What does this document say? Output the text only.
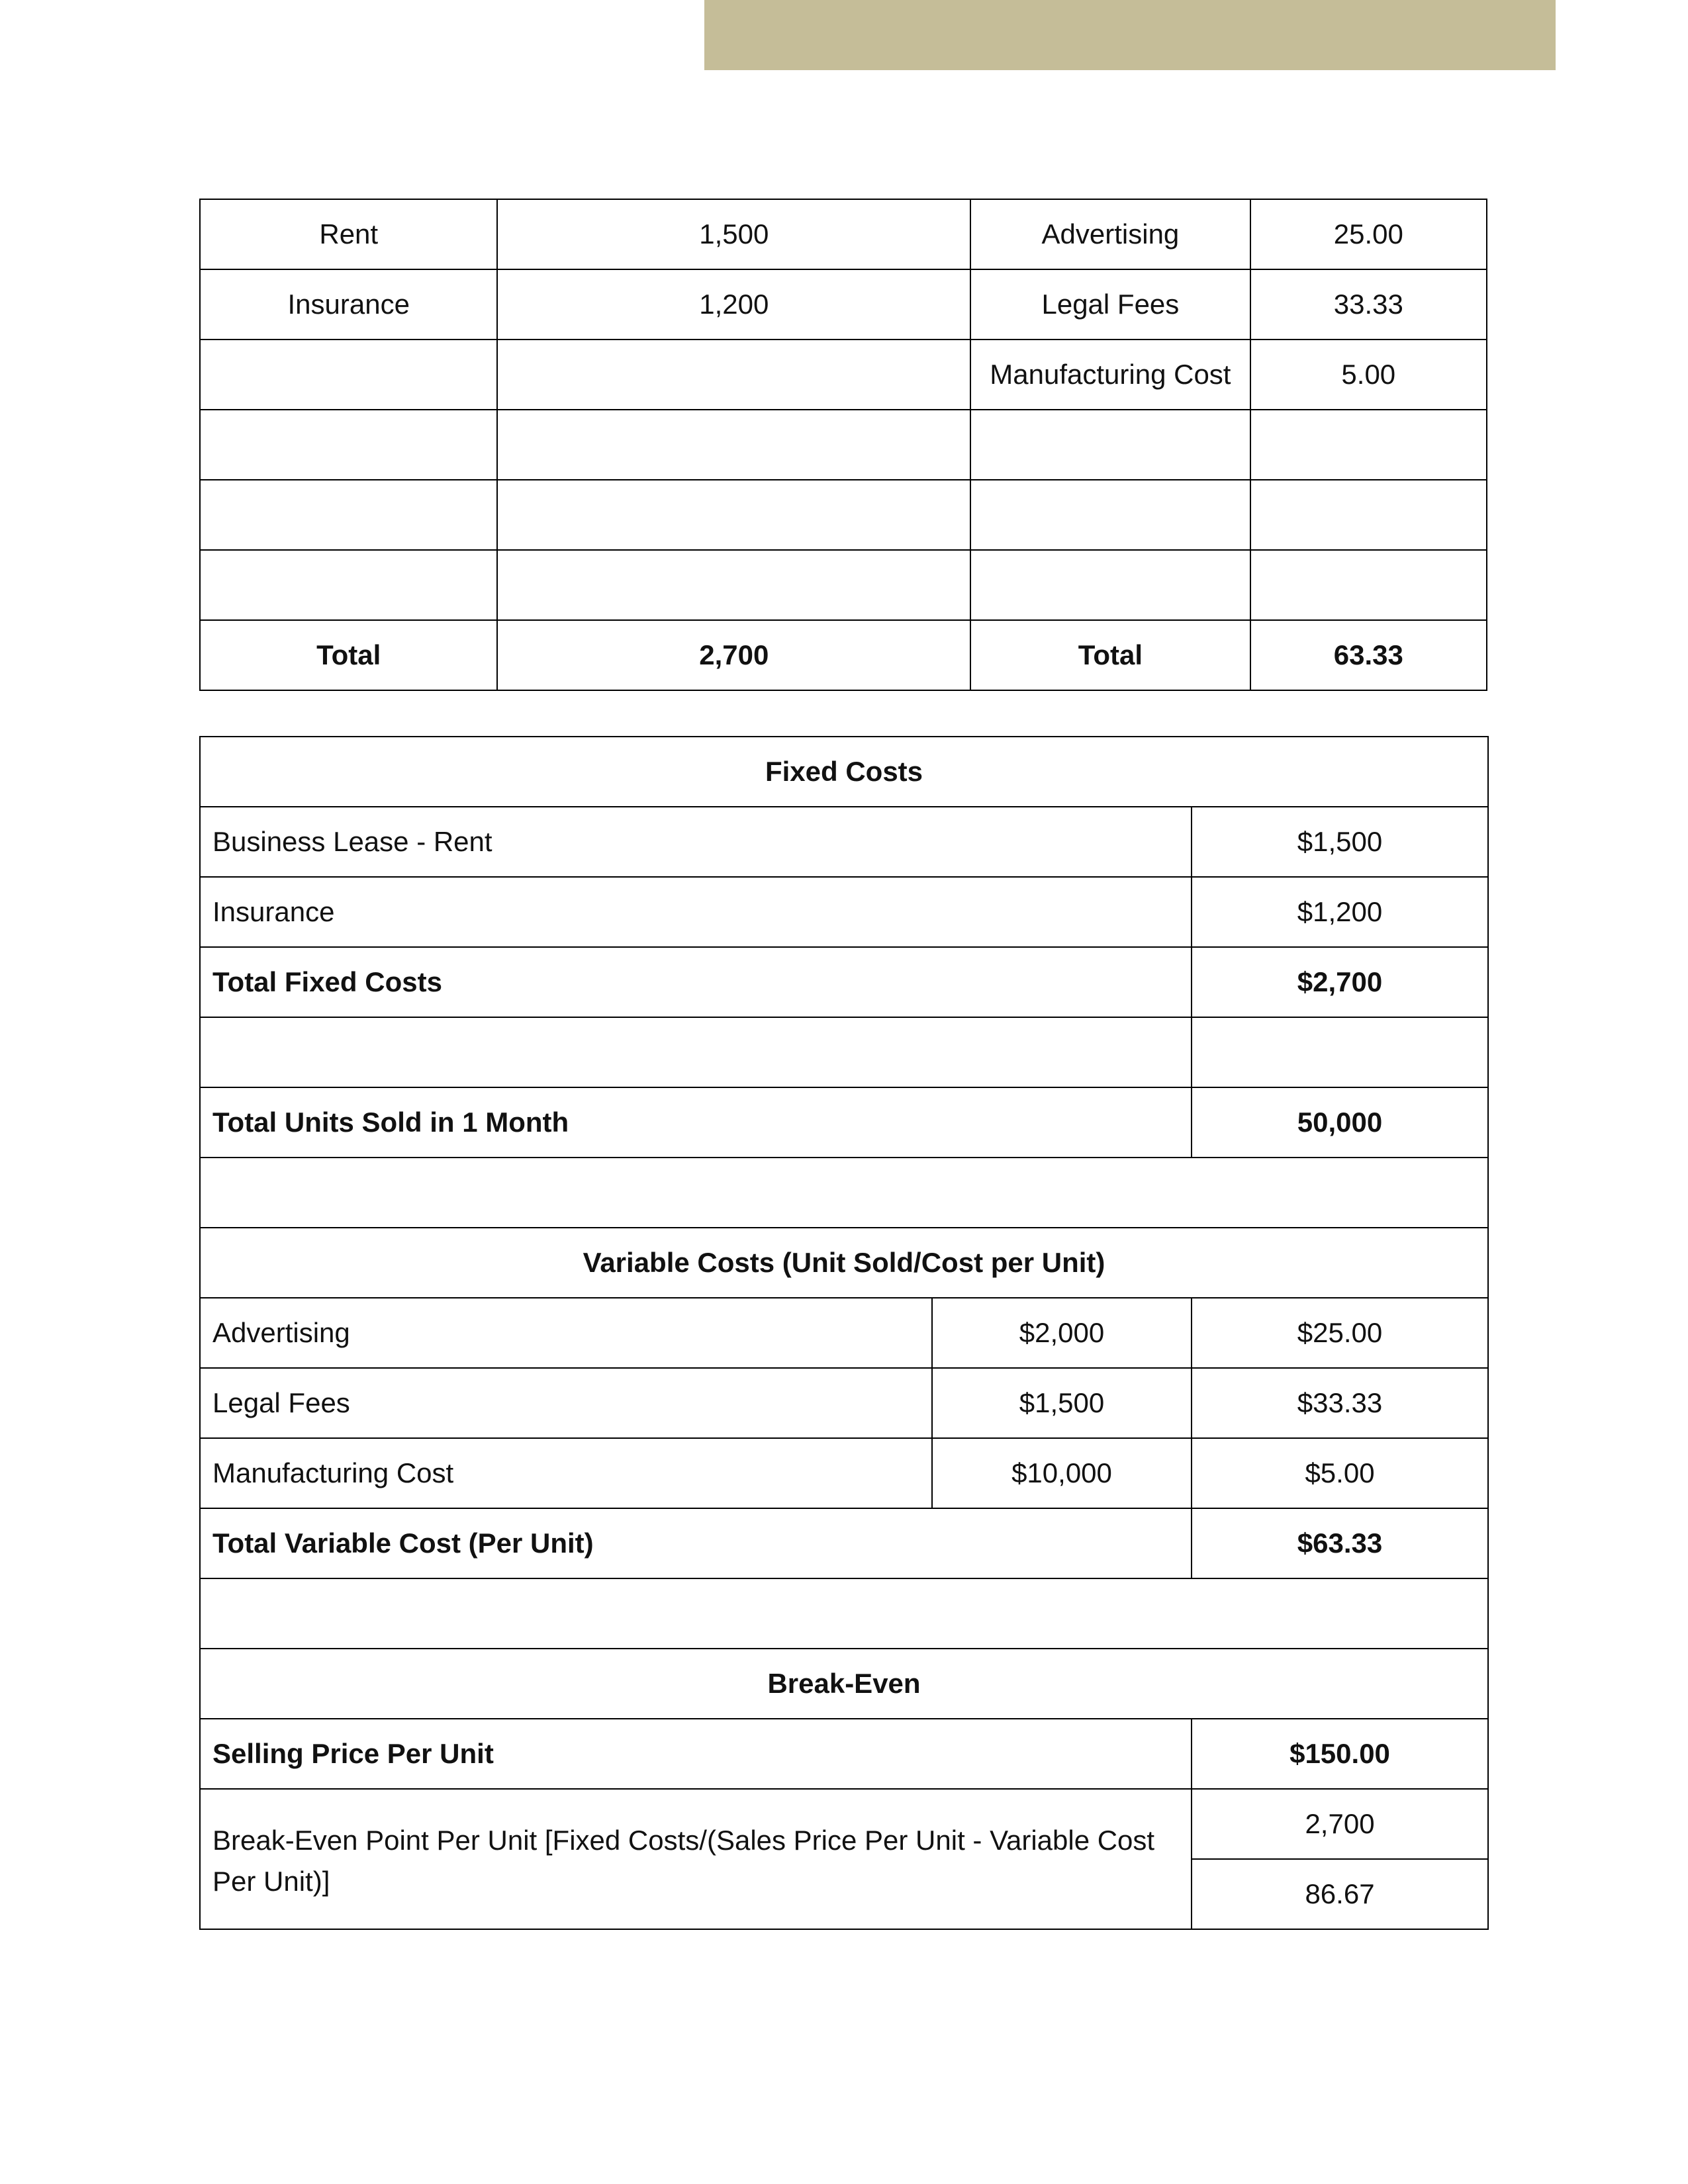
Rent	1,500	Advertising	25.00
Insurance	1,200	Legal Fees	33.33
		Manufacturing Cost	5.00

Total	2,700	Total	63.33
Fixed Costs		
Business Lease - Rent		$1,500
Insurance		$1,200
Total Fixed Costs		$2,700

Total Units Sold in 1 Month		50,000

Variable Costs (Unit Sold/Cost per Unit)		
Advertising	$2,000	$25.00
Legal Fees	$1,500	$33.33
Manufacturing Cost	$10,000	$5.00
Total Variable Cost (Per Unit)		$63.33

Break-Even		
Selling Price Per Unit		$150.00
Break-Even Point Per Unit [Fixed Costs/(Sales Price Per Unit - Variable Cost Per Unit)]		2,700
		86.67
